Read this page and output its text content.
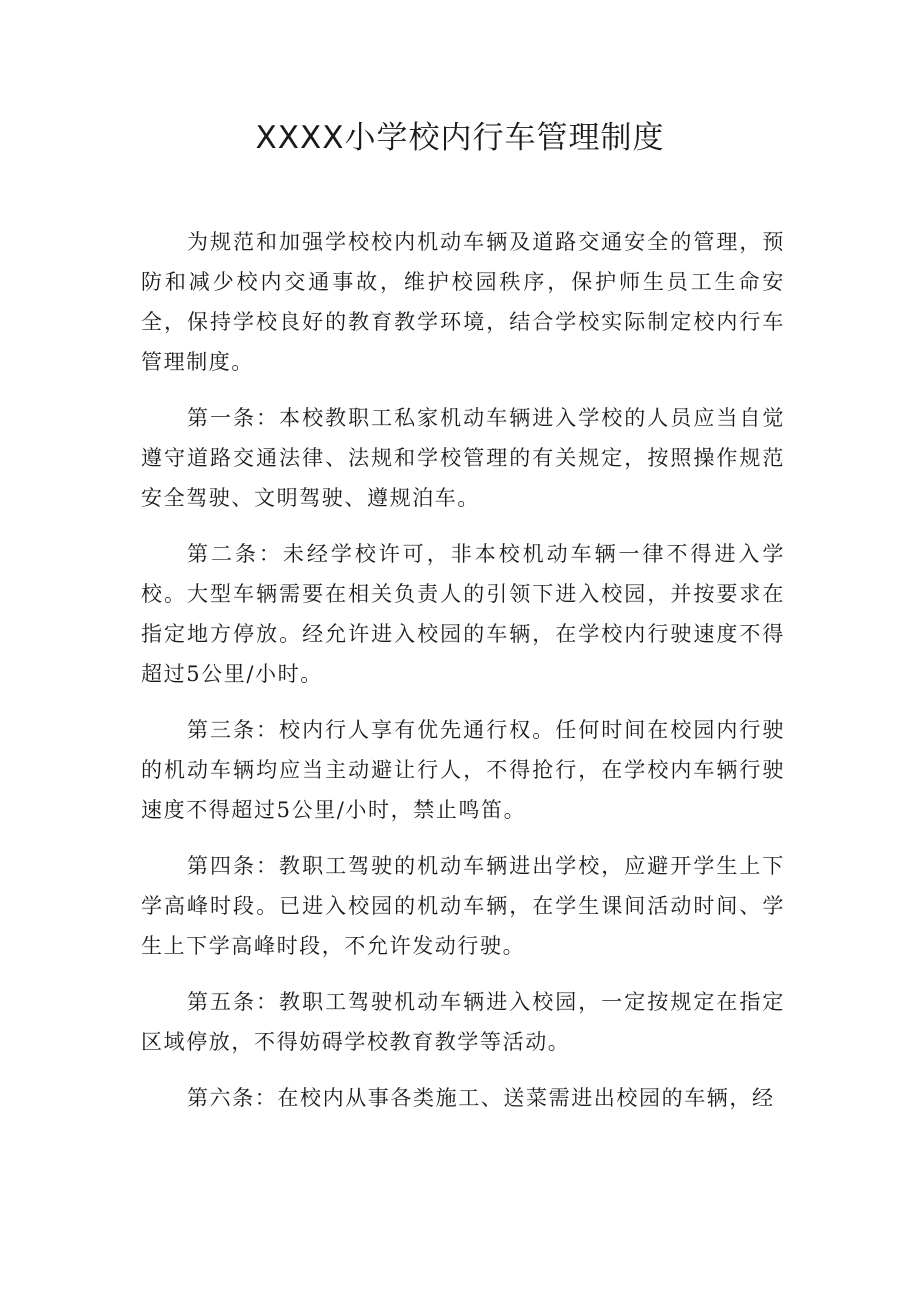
XXXX小学校内行车管理制度

为规范和加强学校校内机动车辆及道路交通安全的管理，预防和减少校内交通事故，维护校园秩序，保护师生员工生命安全，保持学校良好的教育教学环境，结合学校实际制定校内行车管理制度。

第一条：本校教职工私家机动车辆进入学校的人员应当自觉遵守道路交通法律、法规和学校管理的有关规定，按照操作规范安全驾驶、文明驾驶、遵规泊车。

第二条：未经学校许可，非本校机动车辆一律不得进入学校。大型车辆需要在相关负责人的引领下进入校园，并按要求在指定地方停放。经允许进入校园的车辆，在学校内行驶速度不得超过5公里/小时。

第三条：校内行人享有优先通行权。任何时间在校园内行驶的机动车辆均应当主动避让行人，不得抢行，在学校内车辆行驶速度不得超过5公里/小时，禁止鸣笛。

第四条：教职工驾驶的机动车辆进出学校，应避开学生上下学高峰时段。已进入校园的机动车辆，在学生课间活动时间、学生上下学高峰时段，不允许发动行驶。

第五条：教职工驾驶机动车辆进入校园，一定按规定在指定区域停放，不得妨碍学校教育教学等活动。

第六条：在校内从事各类施工、送菜需进出校园的车辆，经
